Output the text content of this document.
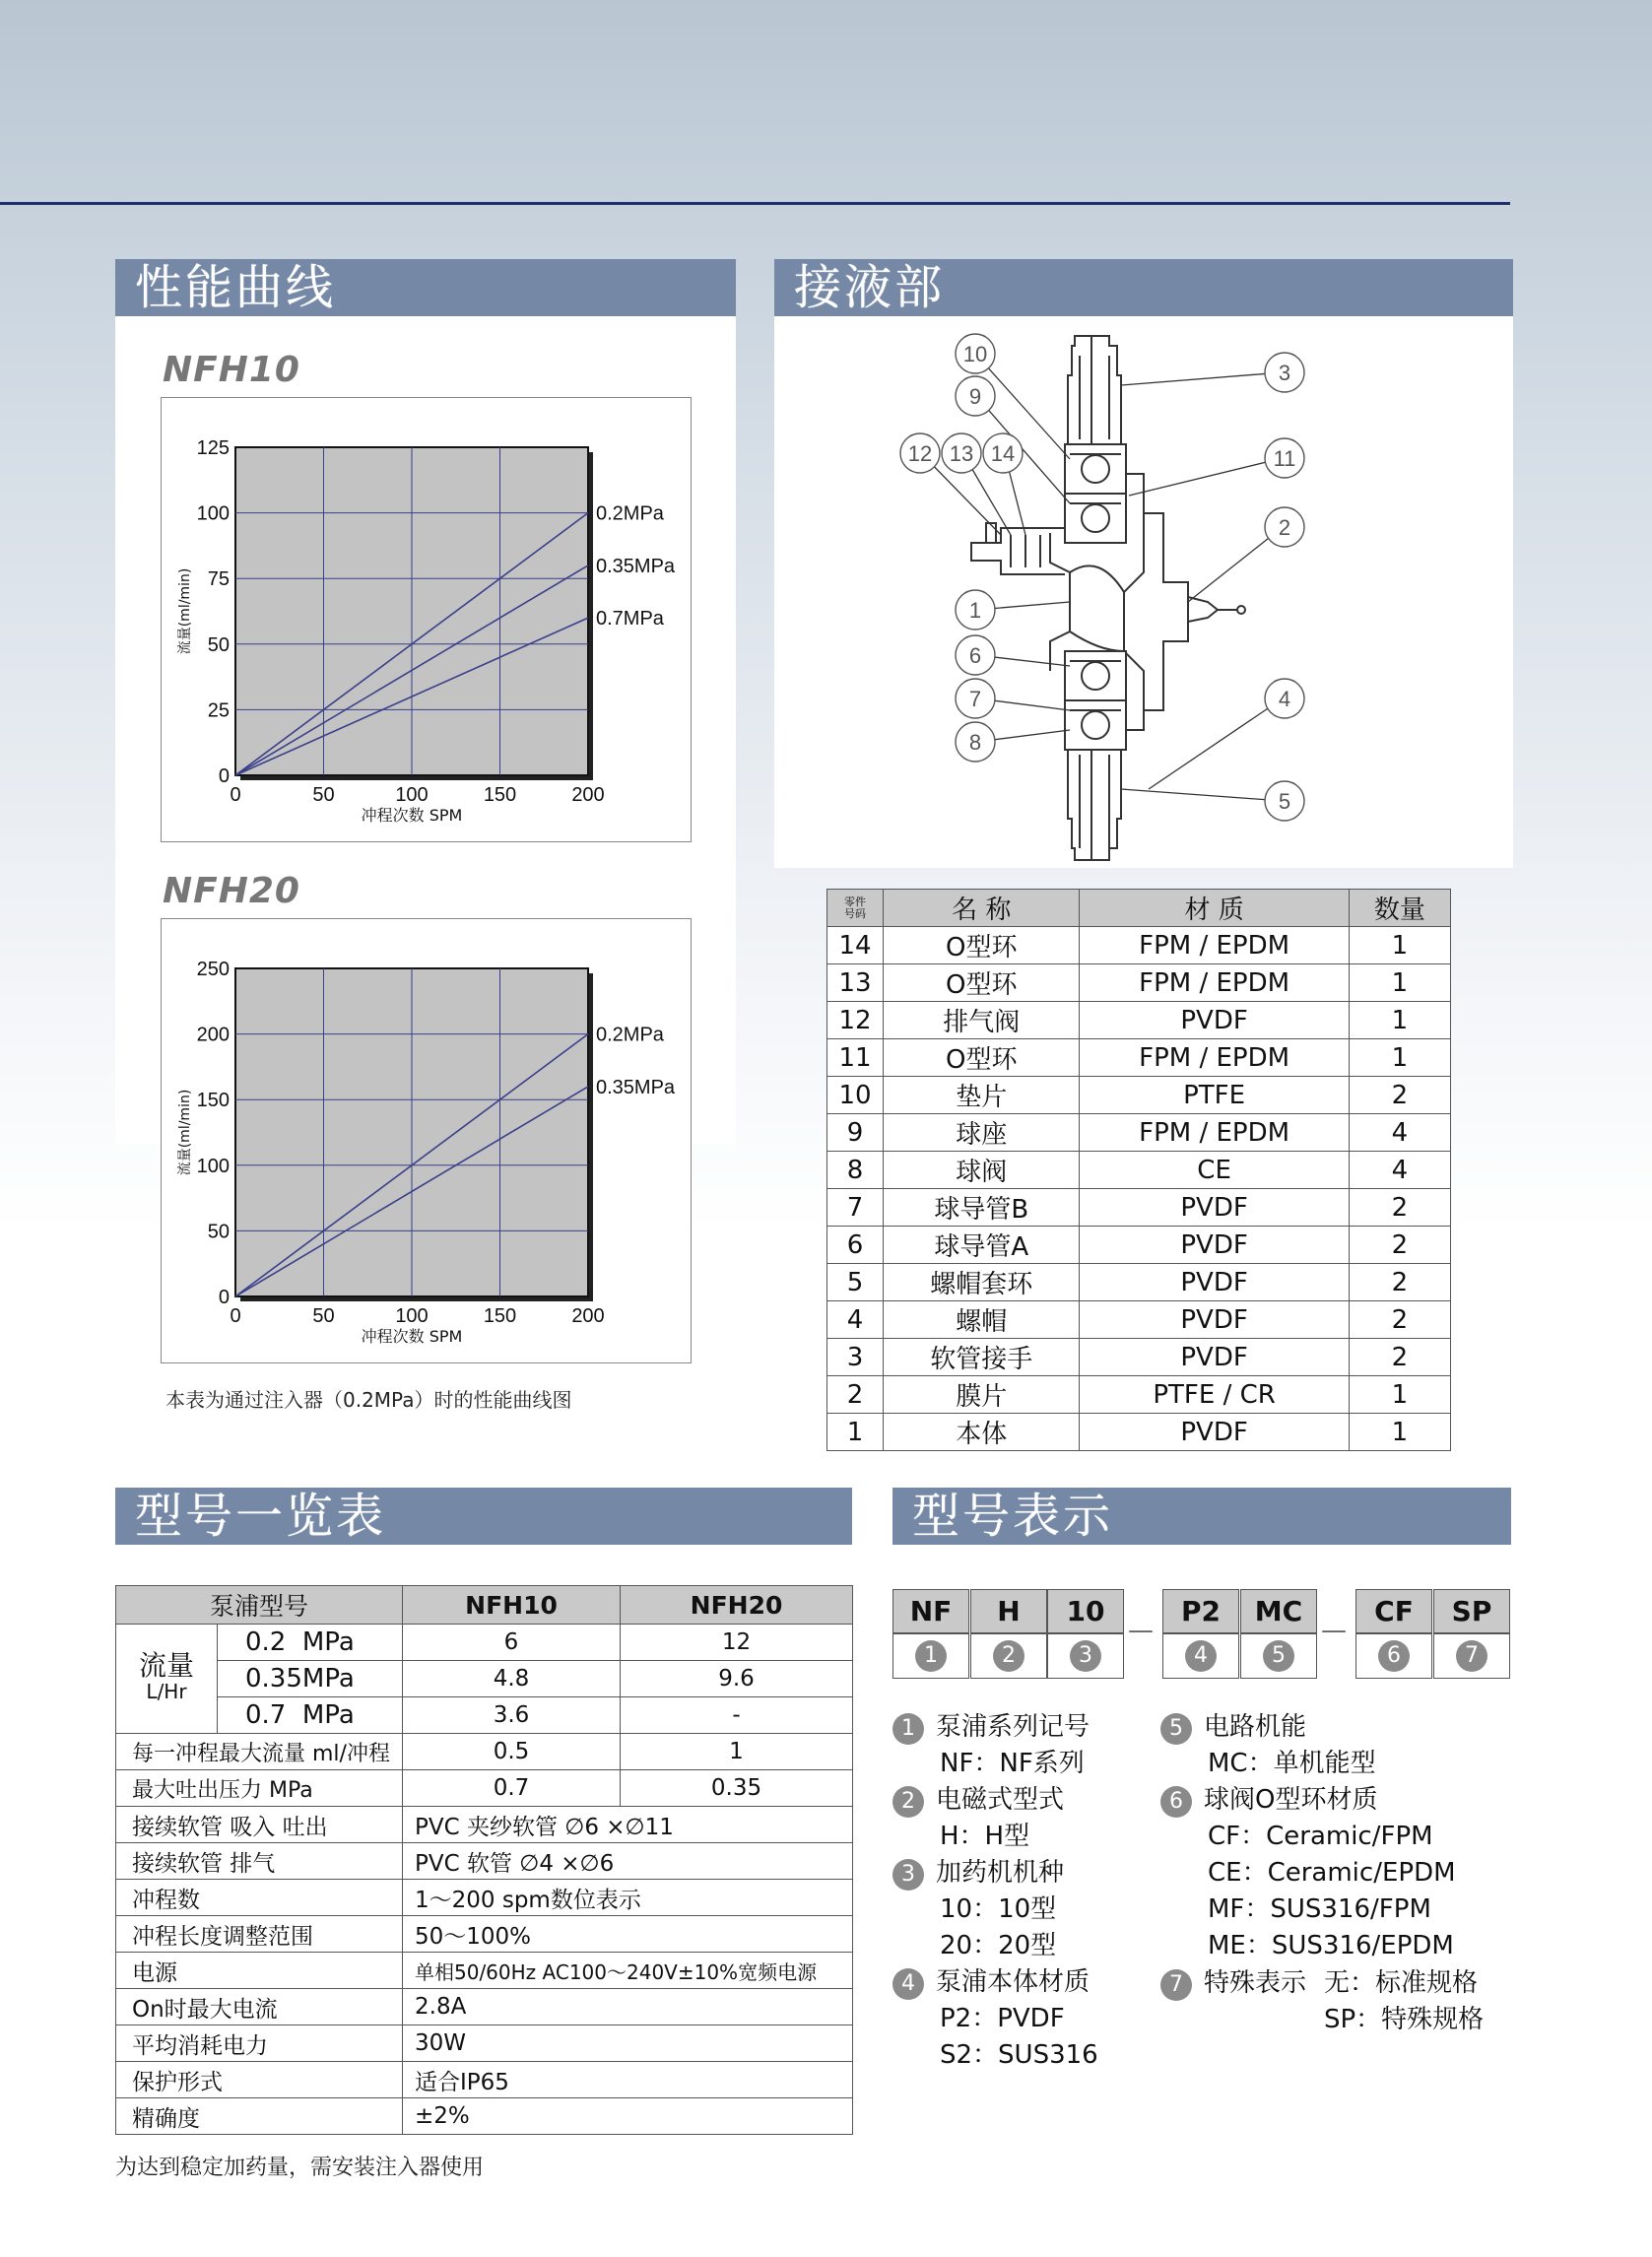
性能曲线
NFH10
0	50	100	150	200
0
25
50
75
100
125
0.2MPa
0.35MPa
0.7MPa
冲程次数 SPM
流量(ml/min)
NFH20
0	50	100	150	200
0
50
100
150
200
250
0.2MPa
0.35MPa
冲程次数 SPM
流量(ml/min)
本表为通过注入器（0.2MPa）时的性能曲线图
接液部
10
9
3
12 13 14	11
2
1
6
7
8
4
5
零件
号码	名 称	材 质	数量
14	O型环	FPM / EPDM	1
13	O型环	FPM / EPDM	1
12	排气阀	PVDF	1
11	O型环	FPM / EPDM	1
10	垫片	PTFE	2
9	球座	FPM / EPDM	4
8	球阀	CE	4
7	球导管B	PVDF	2
6	球导管A	PVDF	2
5	螺帽套环	PVDF	2
4	螺帽	PVDF	2
3	软管接手	PVDF	2
2	膜片	PTFE / CR	1
1	本体	PVDF	1
型号一览表
泵浦型号		NFH10	NFH20

流量
L/Hr	0.2  MPa	6	12
	0.35MPa	4.8	9.6
	0.7  MPa	3.6	-
每一冲程最大流量 ml/冲程		0.5	1
最大吐出压力 MPa		0.7	0.35
接续软管 吸入 吐出		PVC 夹纱软管 ∅6 ×∅11	
接续软管 排气		PVC 软管 ∅4 ×∅6	
冲程数		1～200 spm数位表示	
冲程长度调整范围		50～100%	
电源		单相50/60Hz AC100～240V±10%宽频电源	
On时最大电流		2.8A	
平均消耗电力		30W	
保护形式		适合IP65	
精确度		±2%	
为达到稳定加药量，需安装注入器使用
型号表示
NF
1
H
2
10
3
P2
4
MC
5
CF
6
SP
7
—	—
1 泵浦系列记号
NF：NF系列
2 电磁式型式
H：H型
3 加药机机种
10：10型
20：20型
4 泵浦本体材质
P2：PVDF
S2：SUS316
5 电路机能
MC：单机能型
6 球阀O型环材质
CF：Ceramic/FPM
CE：Ceramic/EPDM
MF：SUS316/FPM
ME：SUS316/EPDM
7 特殊表示 无：标准规格
SP：特殊规格
